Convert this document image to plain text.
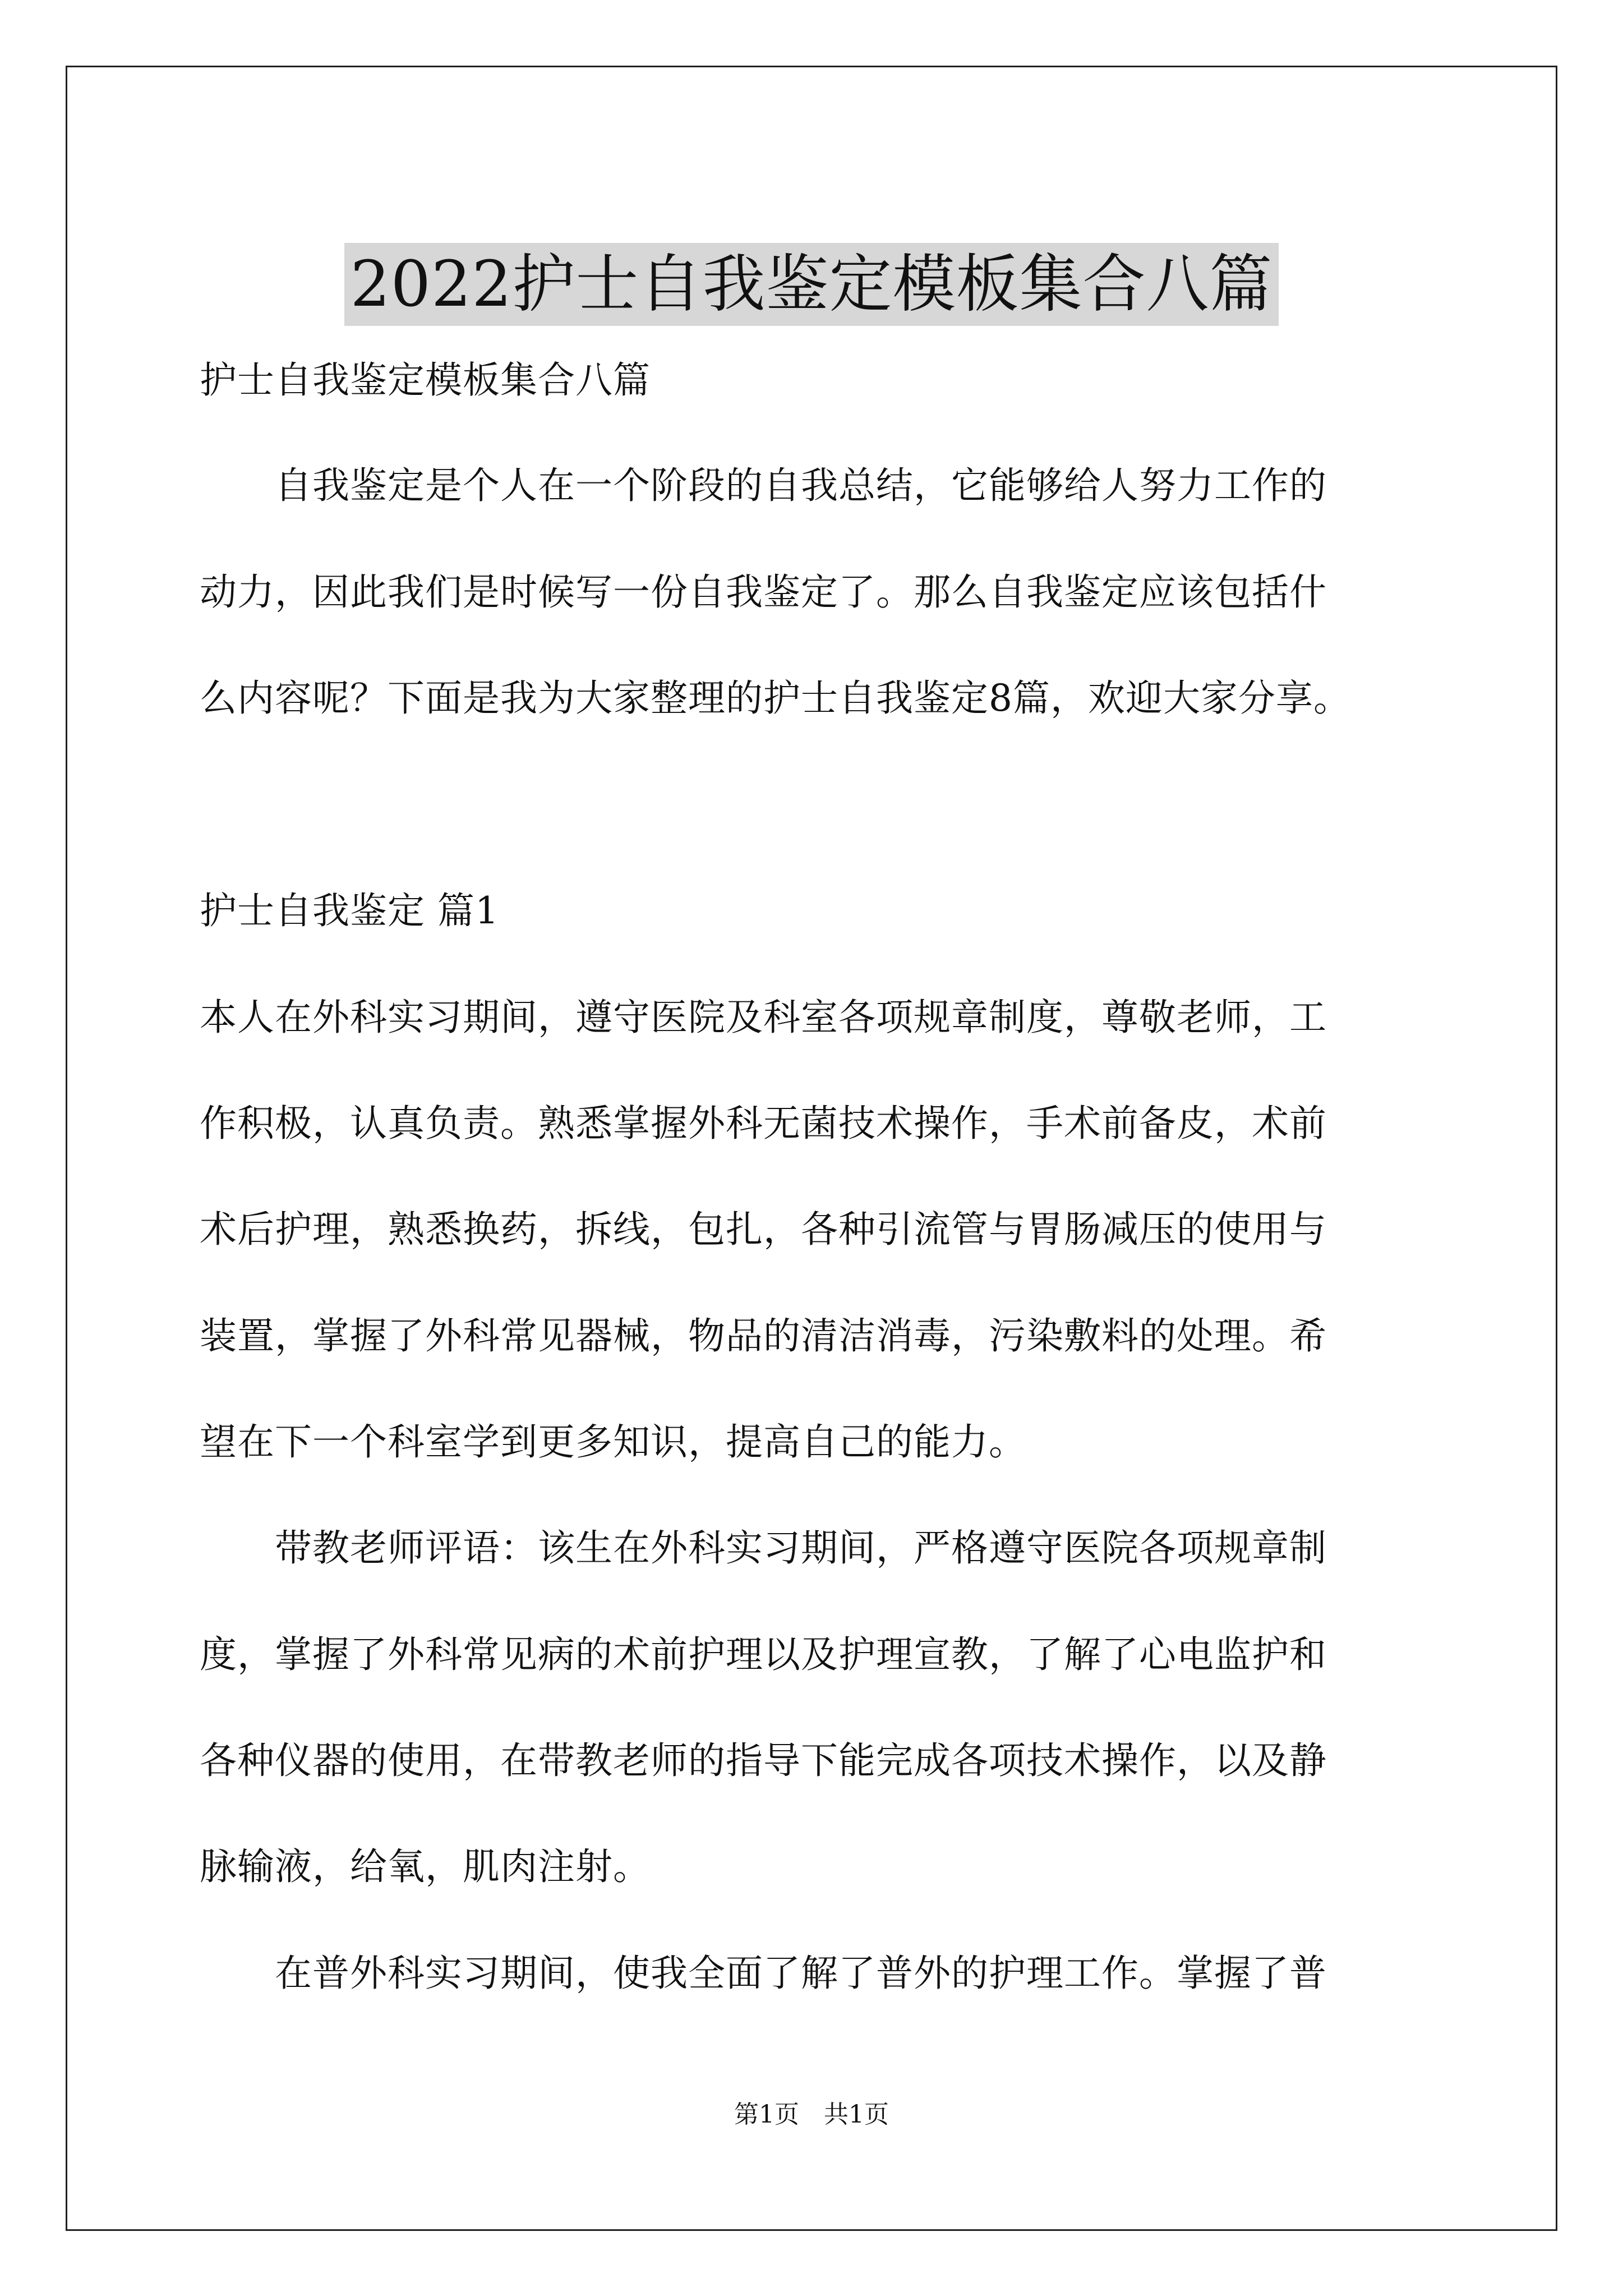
2022护士自我鉴定模板集合八篇
护士自我鉴定模板集合八篇
　　自我鉴定是个人在一个阶段的自我总结，它能够给人努力工作的
动力，因此我们是时候写一份自我鉴定了。那么自我鉴定应该包括什
么内容呢？下面是我为大家整理的护士自我鉴定8篇，欢迎大家分享。
护士自我鉴定 篇1
本人在外科实习期间，遵守医院及科室各项规章制度，尊敬老师，工
作积极，认真负责。熟悉掌握外科无菌技术操作，手术前备皮，术前
术后护理，熟悉换药，拆线，包扎，各种引流管与胃肠减压的使用与
装置，掌握了外科常见器械，物品的清洁消毒，污染敷料的处理。希
望在下一个科室学到更多知识，提高自己的能力。
　　带教老师评语：该生在外科实习期间，严格遵守医院各项规章制
度，掌握了外科常见病的术前护理以及护理宣教，了解了心电监护和
各种仪器的使用，在带教老师的指导下能完成各项技术操作，以及静
脉输液，给氧，肌肉注射。
　　在普外科实习期间，使我全面了解了普外的护理工作。掌握了普
第1页　共1页
